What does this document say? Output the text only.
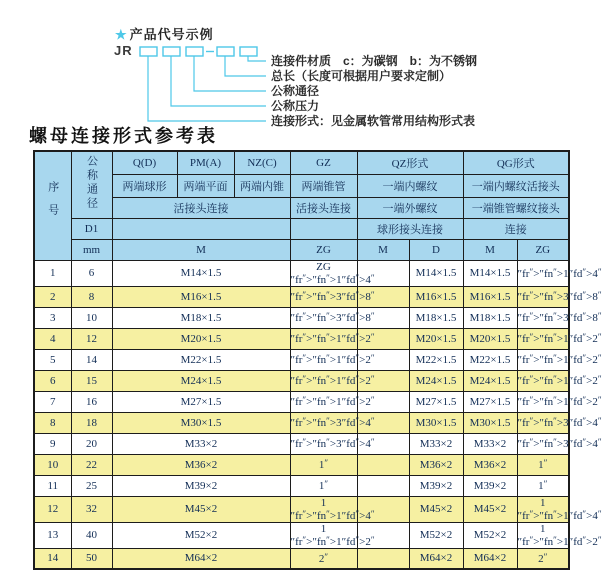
★ 产品代号示例
JR
连接件材质　c：为碳钢　b：为不锈钢
总长（长度可根据用户要求定制）
公称通径
公称压力
连接形式：见金属软管常用结构形式表
螺母连接形式参考表
序号	公称通径	Q(D)	PM(A)	NZ(C)	GZ	QZ形式		QG形式	
		两端球形	两端平面	两端内锥	两端锥管	一端内螺纹		一端内螺纹活接头	
		活接头连接			活接头连接	一端外螺纹		一端锥管螺纹接头	
	D1					球形接头连接		连接	
	mm	M			ZG	M	D	M	ZG
1	6	M14×1.5			ZG ″fr″>″fn″>1″fd″>4″		M14×1.5	M14×1.5	″fr″>″fn″>1″fd″>4″
2	8	M16×1.5			″fr″>″fn″>3″fd″>8″		M16×1.5	M16×1.5	″fr″>″fn″>3″fd″>8″
3	10	M18×1.5			″fr″>″fn″>3″fd″>8″		M18×1.5	M18×1.5	″fr″>″fn″>3″fd″>8″
4	12	M20×1.5			″fr″>″fn″>1″fd″>2″		M20×1.5	M20×1.5	″fr″>″fn″>1″fd″>2″
5	14	M22×1.5			″fr″>″fn″>1″fd″>2″		M22×1.5	M22×1.5	″fr″>″fn″>1″fd″>2″
6	15	M24×1.5			″fr″>″fn″>1″fd″>2″		M24×1.5	M24×1.5	″fr″>″fn″>1″fd″>2″
7	16	M27×1.5			″fr″>″fn″>1″fd″>2″		M27×1.5	M27×1.5	″fr″>″fn″>1″fd″>2″
8	18	M30×1.5			″fr″>″fn″>3″fd″>4″		M30×1.5	M30×1.5	″fr″>″fn″>3″fd″>4″
9	20	M33×2			″fr″>″fn″>3″fd″>4″		M33×2	M33×2	″fr″>″fn″>3″fd″>4″
10	22	M36×2			1″		M36×2	M36×2	1″
11	25	M39×2			1″		M39×2	M39×2	1″
12	32	M45×2			1 ″fr″>″fn″>1″fd″>4″		M45×2	M45×2	1 ″fr″>″fn″>1″fd″>4″
13	40	M52×2			1 ″fr″>″fn″>1″fd″>2″		M52×2	M52×2	1 ″fr″>″fn″>1″fd″>2″
14	50	M64×2			2″		M64×2	M64×2	2″
